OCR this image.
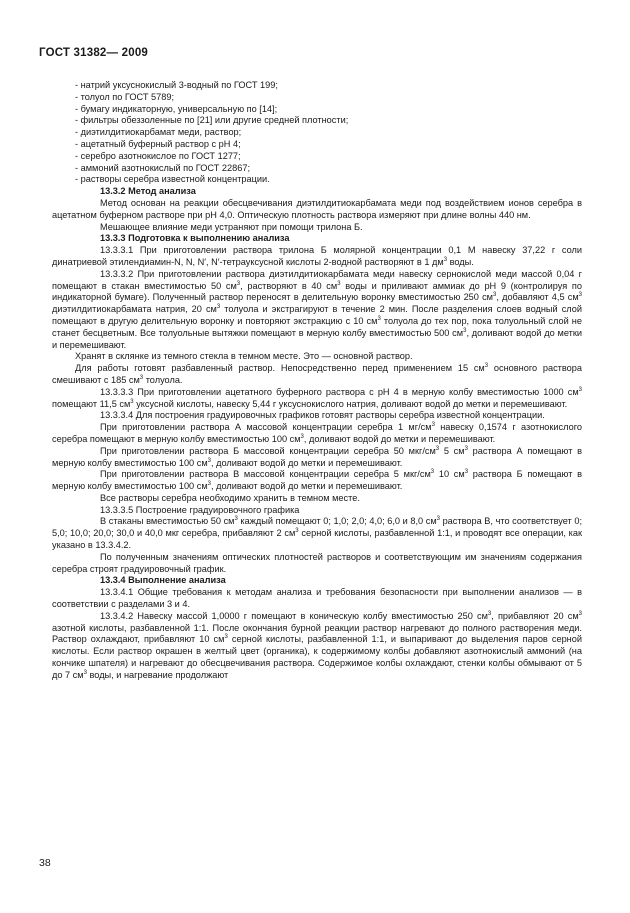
ГОСТ 31382— 2009
- натрий уксуснокислый 3-водный по ГОСТ 199;
- толуол по ГОСТ 5789;
- бумагу индикаторную, универсальную по [14];
- фильтры обеззоленные по [21] или другие средней плотности;
- диэтилдитиокарбамат меди, раствор;
- ацетатный буферный раствор с pH 4;
- серебро азотнокислое по ГОСТ 1277;
- аммоний азотнокислый по ГОСТ 22867;
- растворы серебра известной концентрации.
13.3.2 Метод анализа

Метод основан на реакции обесцвечивания диэтилдитиокарбамата меди под воздействием ионов серебра в ацетатном буферном растворе при pH 4,0. Оптическую плотность раствора измеряют при длине волны 440 нм.

Мешающее влияние меди устраняют при помощи трилона Б.

13.3.3 Подготовка к выполнению анализа

13.3.3.1 При приготовлении раствора трилона Б молярной концентрации 0,1 М навеску 37,22 г соли динатриевой этилендиамин-N, N, N′, N′-тетрауксусной кислоты 2-водной растворяют в 1 $дм^3$ воды.

13.3.3.2 При приготовлении раствора диэтилдитиокарбамата меди навеску сернокислой меди массой 0,04 г помещают в стакан вместимостью 50 $см^3$, растворяют в 40 $см^3$ воды и приливают аммиак до pH 9 (контролируя по индикаторной бумаге). Полученный раствор переносят в делительную воронку вместимостью 250 $см^3$, добавляют 4,5 $см^3$ диэтилдитиокарбамата натрия, 20 $см^3$ толуола и экстрагируют в течение 2 мин. После разделения слоев водный слой помещают в другую делительную воронку и повторяют экстракцию с 10 $см^3$ толуола до тех пор, пока толуольный слой не станет бесцветным. Все толуольные вытяжки помещают в мерную колбу вместимостью 500 $см^3$, доливают водой до метки и перемешивают.

Хранят в склянке из темного стекла в темном месте. Это — основной раствор.

Для работы готовят разбавленный раствор. Непосредственно перед применением 15 $см^3$ основного раствора смешивают с 185 $см^3$ толуола.

13.3.3.3 При приготовлении ацетатного буферного раствора с pH 4 в мерную колбу вместимостью 1000 $см^3$ помещают 11,5 $см^3$ уксусной кислоты, навеску 5,44 г уксуснокислого натрия, доливают водой до метки и перемешивают.

13.3.3.4 Для построения градуировочных графиков готовят растворы серебра известной концентрации.

При приготовлении раствора А массовой концентрации серебра 1 $мг/см^3$ навеску 0,1574 г азотнокислого серебра помещают в мерную колбу вместимостью 100 $см^3$, доливают водой до метки и перемешивают.

При приготовлении раствора Б массовой концентрации серебра 50 мкг/$см^3$ 5 $см^3$ раствора А помещают в мерную колбу вместимостью 100 $см^3$, доливают водой до метки и перемешивают.

При приготовлении раствора В массовой концентрации серебра 5 мкг/$см^3$ 10 $см^3$ раствора Б помещают в мерную колбу вместимостью 100 $см^3$, доливают водой до метки и перемешивают.

Все растворы серебра необходимо хранить в темном месте.

13.3.3.5 Построение градуировочного графика

В стаканы вместимостью 50 $см^3$ каждый помещают 0; 1,0; 2,0; 4,0; 6,0 и 8,0 $см^3$ раствора В, что соответствует 0; 5,0; 10,0; 20,0; 30,0 и 40,0 мкг серебра, прибавляют 2 $см^3$ серной кислоты, разбавленной 1:1, и проводят все операции, как указано в 13.3.4.2.

По полученным значениям оптических плотностей растворов и соответствующим им значениям содержания серебра строят градуировочный график.

13.3.4 Выполнение анализа

13.3.4.1 Общие требования к методам анализа и требования безопасности при выполнении анализов — в соответствии с разделами 3 и 4.

13.3.4.2 Навеску массой 1,0000 г помещают в коническую колбу вместимостью 250 $см^3$, прибавляют 20 $см^3$ азотной кислоты, разбавленной 1:1. После окончания бурной реакции раствор нагревают до полного растворения меди. Раствор охлаждают, прибавляют 10 $см^3$ серной кислоты, разбавленной 1:1, и выпаривают до выделения паров серной кислоты. Если раствор окрашен в желтый цвет (органика), к содержимому колбы добавляют азотнокислый аммоний (на кончике шпателя) и нагревают до обесцвечивания раствора. Содержимое колбы охлаждают, стенки колбы обмывают от 5 до 7 $см^3$ воды, и нагревание продолжают

38
